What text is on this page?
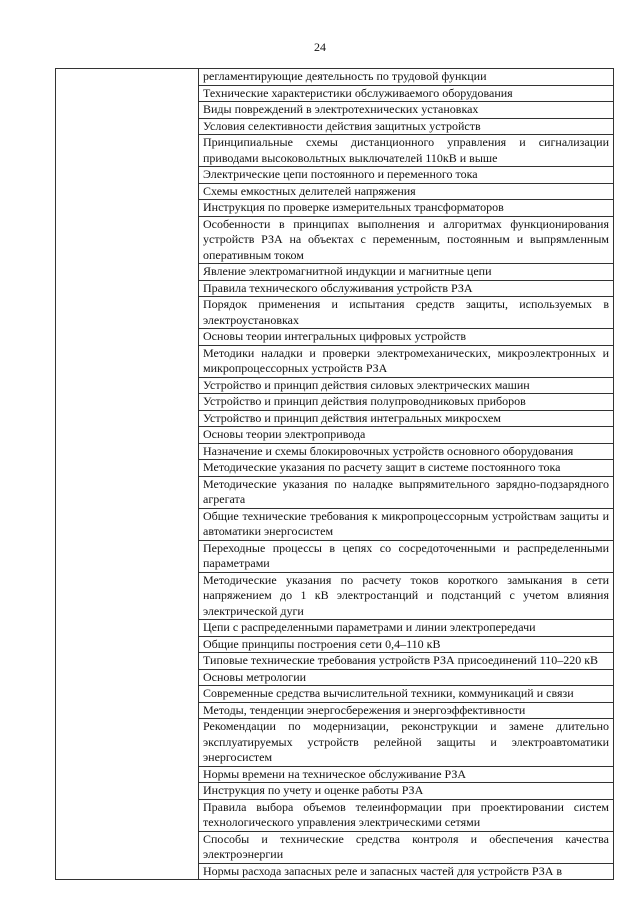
24
	регламентирующие деятельность по трудовой функции
Технические характеристики обслуживаемого оборудования
Виды повреждений в электротехнических установках
Условия селективности действия защитных устройств
Принципиальные схемы дистанционного управления и сигнализации приводами высоковольтных выключателей 110кВ и выше
Электрические цепи постоянного и переменного тока
Схемы емкостных делителей напряжения
Инструкция по проверке измерительных трансформаторов
Особенности в принципах выполнения и алгоритмах функционирования устройств РЗА на объектах с переменным, постоянным и выпрямленным оперативным током
Явление электромагнитной индукции и магнитные цепи
Правила технического обслуживания устройств РЗА
Порядок применения и испытания средств защиты, используемых в электроустановках
Основы теории интегральных цифровых устройств
Методики наладки и проверки электромеханических, микроэлектронных и микропроцессорных устройств РЗА
Устройство и принцип действия силовых электрических машин
Устройство и принцип действия полупроводниковых приборов
Устройство и принцип действия интегральных микросхем
Основы теории электропривода
Назначение и схемы блокировочных устройств основного оборудования
Методические указания по расчету защит в системе постоянного тока
Методические указания по наладке выпрямительного зарядно-подзарядного агрегата
Общие технические требования к микропроцессорным устройствам защиты и автоматики энергосистем
Переходные процессы в цепях со сосредоточенными и распределенными параметрами
Методические указания по расчету токов короткого замыкания в сети напряжением до 1 кВ электростанций и подстанций с учетом влияния электрической дуги
Цепи с распределенными параметрами и линии электропередачи
Общие принципы построения сети 0,4–110 кВ
Типовые технические требования устройств РЗА присоединений 110–220 кВ
Основы метрологии
Современные средства вычислительной техники, коммуникаций и связи
Методы, тенденции энергосбережения и энергоэффективности
Рекомендации по модернизации, реконструкции и замене длительно эксплуатируемых устройств релейной защиты и электроавтоматики энергосистем
Нормы времени на техническое обслуживание РЗА
Инструкция по учету и оценке работы РЗА
Правила выбора объемов телеинформации при проектировании систем технологического управления электрическими сетями
Способы и технические средства контроля и обеспечения качества электроэнергии
Нормы расхода запасных реле и запасных частей для устройств РЗА в
